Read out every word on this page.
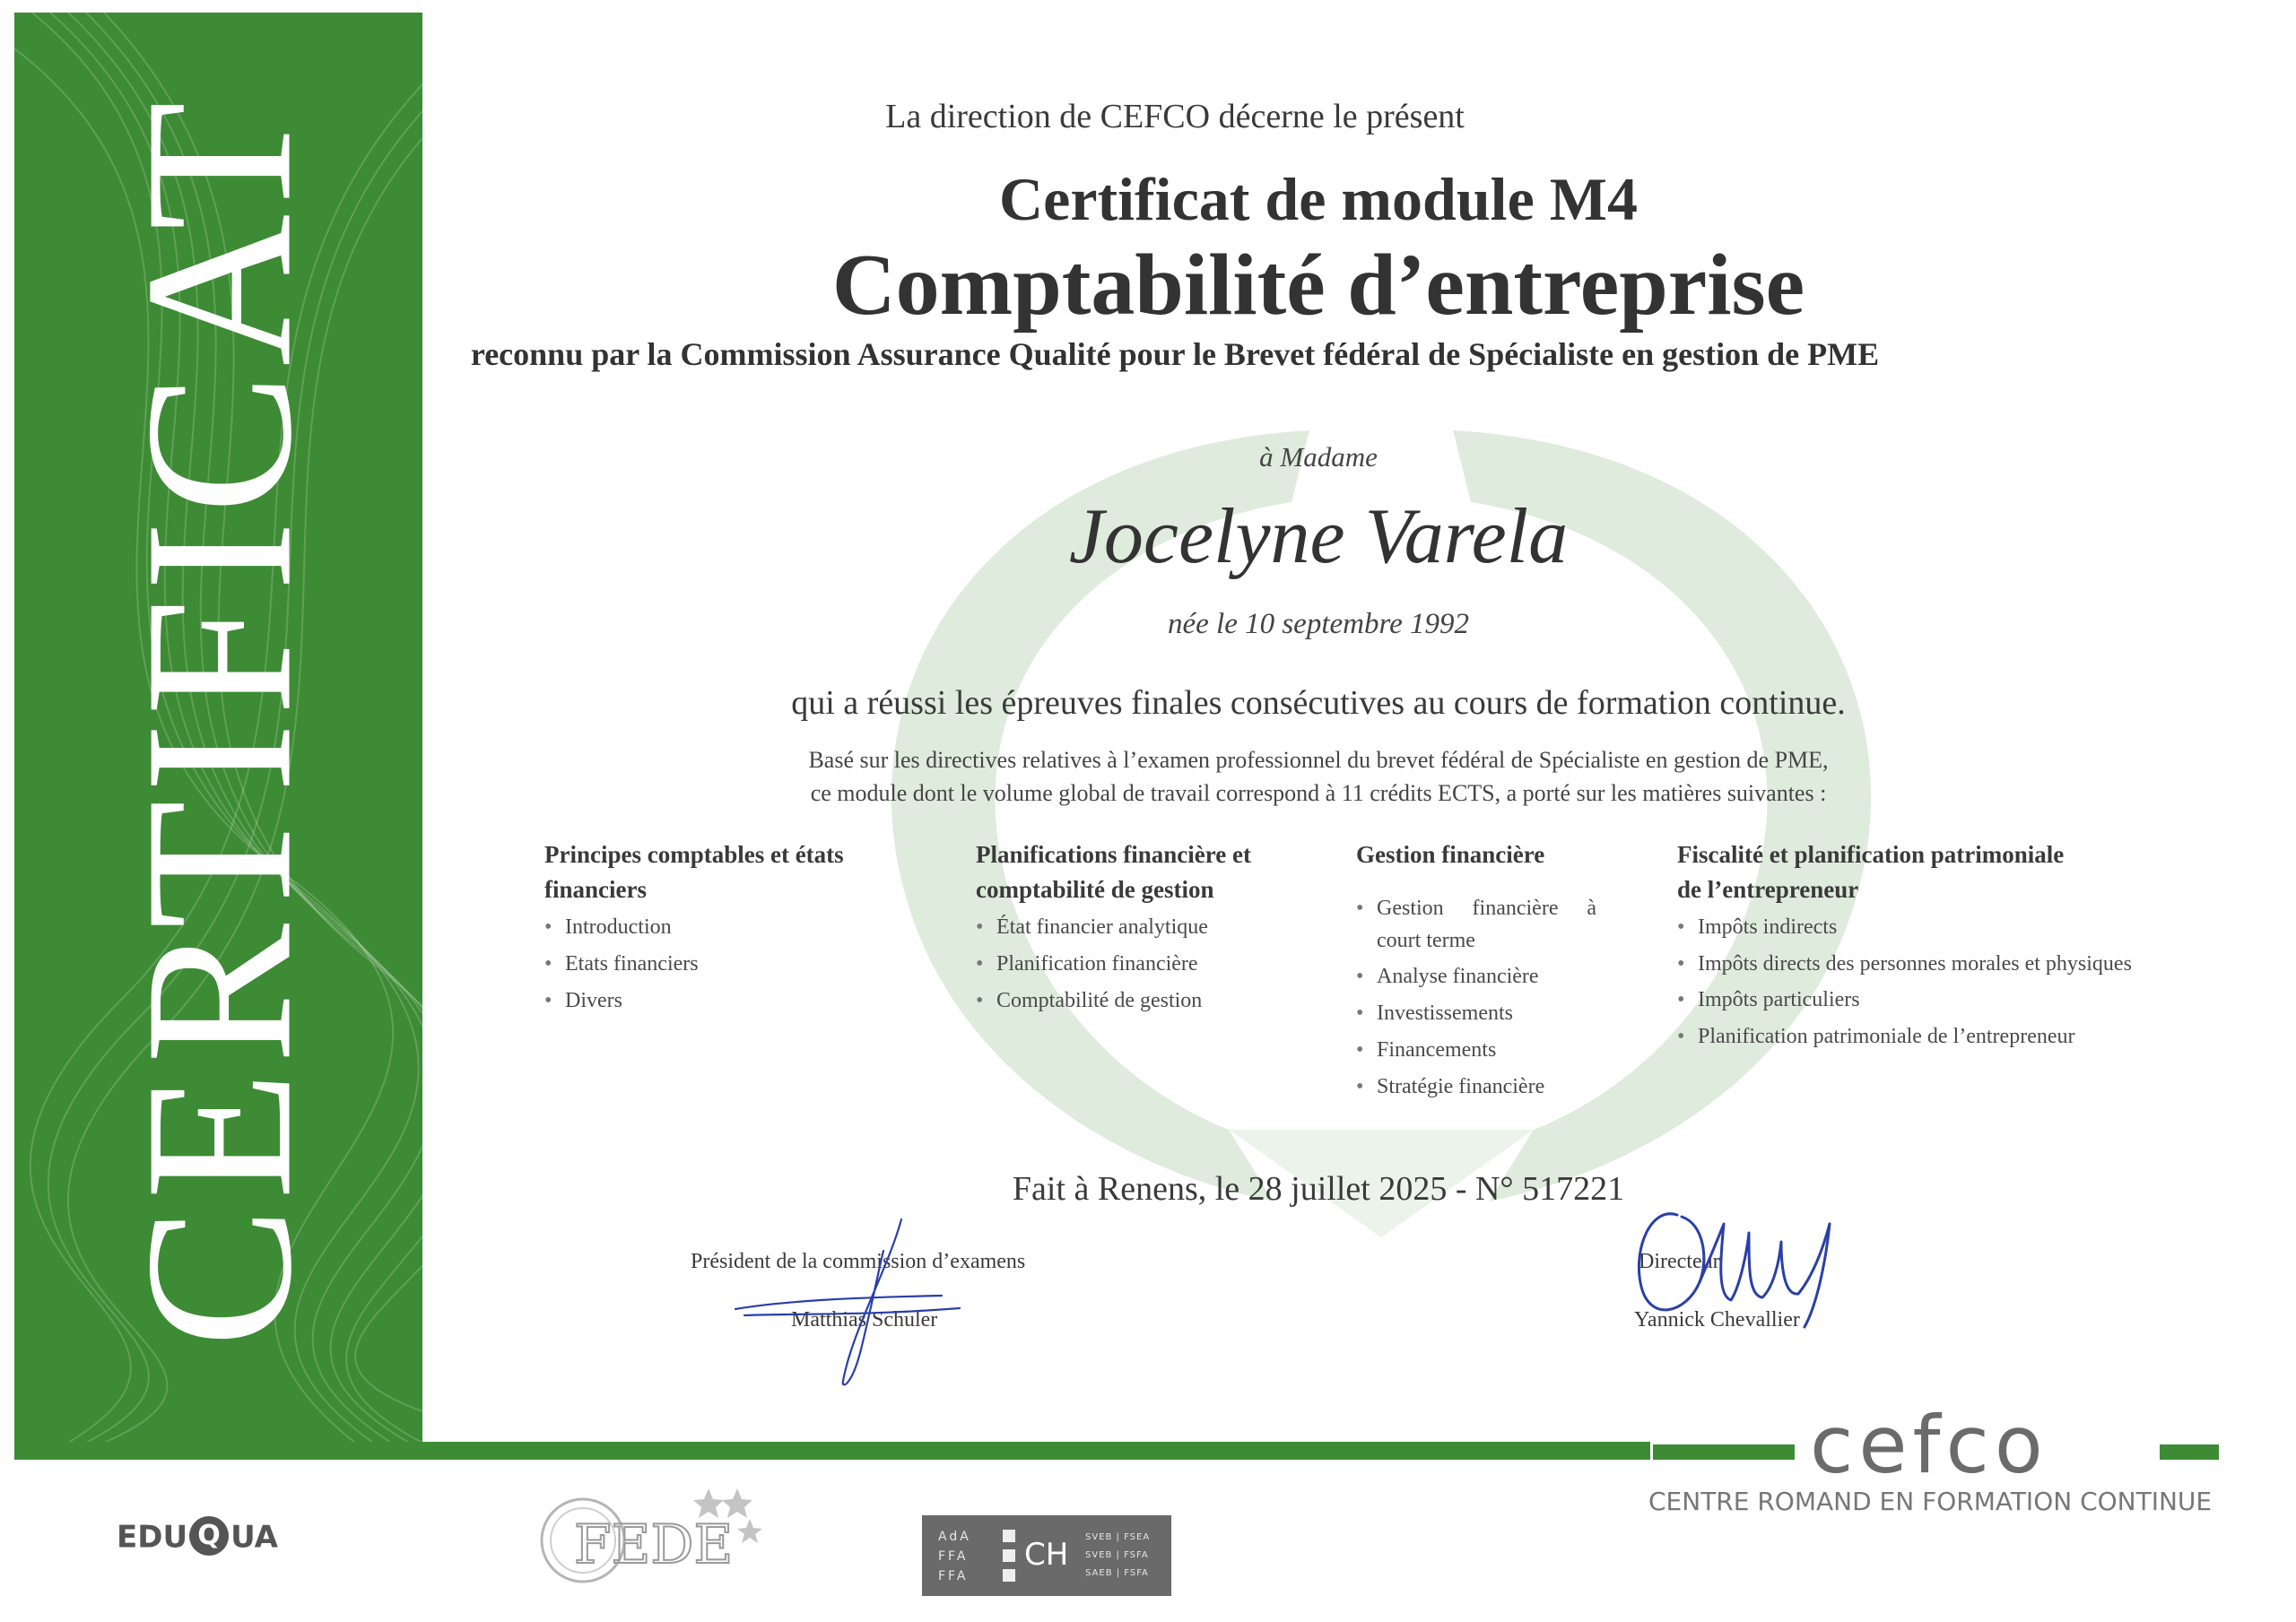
CERTIFICAT	La direction de CEFCO décerne le présent
Certificat de module M4
Comptabilité d’entreprise
reconnu par la Commission Assurance Qualité pour le Brevet fédéral de Spécialiste en gestion de PME
à Madame
Jocelyne Varela
née le 10 septembre 1992
qui a réussi les épreuves finales consécutives au cours de formation continue.
Basé sur les directives relatives à l’examen professionnel du brevet fédéral de Spécialiste en gestion de PME,
ce module dont le volume global de travail correspond à 11 crédits ECTS, a porté sur les matières suivantes :
Principes comptables et états
financiers
• Introduction
• Etats financiers
• Divers
Planifications financière et
comptabilité de gestion
• État financier analytique
• Planification financière
• Comptabilité de gestion
Gestion financière
• Gestion financière à court terme
• Analyse financière
• Investissements
• Financements
• Stratégie financière
Fiscalité et planification patrimoniale
de l’entrepreneur
• Impôts indirects
• Impôts directs des personnes morales et physiques
• Impôts particuliers
• Planification patrimoniale de l’entrepreneur
Fait à Renens, le 28 juillet 2025 - N° 517221
Président de la commission d’examens
Matthias Schuler
Directeur
Yannick Chevallier
cefco
CENTRE ROMAND EN FORMATION CONTINUE
EDU Q UA	FEDE	AdA
FFA
FFA
CH SVEB | FSEA
SVEB | FSFA
SAEB | FSFA
